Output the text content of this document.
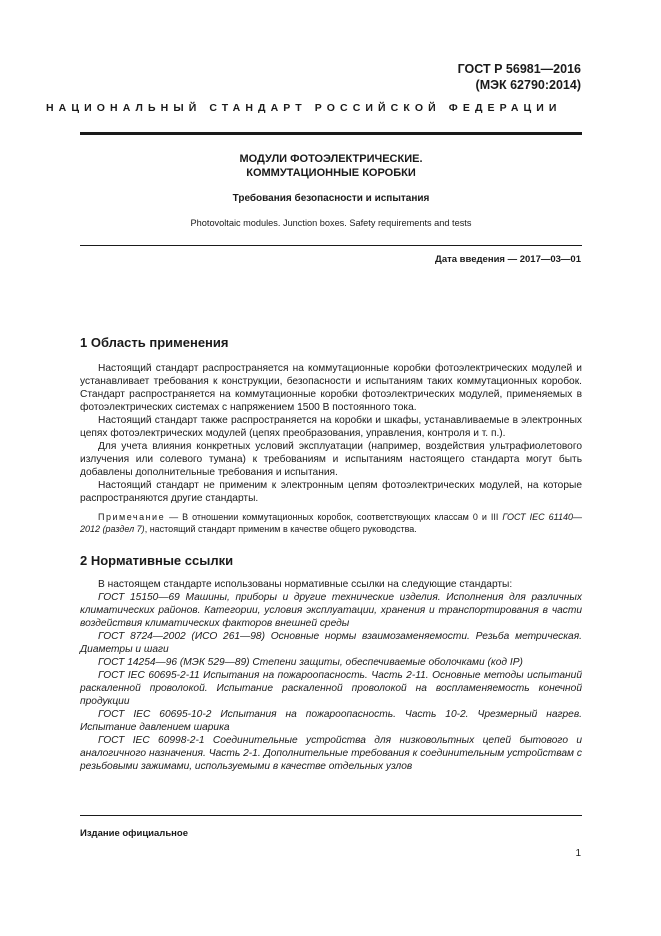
ГОСТ Р 56981—2016
(МЭК 62790:2014)
НАЦИОНАЛЬНЫЙ СТАНДАРТ РОССИЙСКОЙ ФЕДЕРАЦИИ
МОДУЛИ ФОТОЭЛЕКТРИЧЕСКИЕ.
КОММУТАЦИОННЫЕ КОРОБКИ
Требования безопасности и испытания
Photovoltaic modules. Junction boxes. Safety requirements and tests
Дата введения — 2017—03—01
1 Область применения

Настоящий стандарт распространяется на коммутационные коробки фотоэлектрических модулей и устанавливает требования к конструкции, безопасности и испытаниям таких коммутационных коробок. Стандарт распространяется на коммутационные коробки фотоэлектрических модулей, применяемых в фотоэлектрических системах с напряжением 1500 В постоянного тока.

Настоящий стандарт также распространяется на коробки и шкафы, устанавливаемые в электронных цепях фотоэлектрических модулей (цепях преобразования, управления, контроля и т. п.).

Для учета влияния конкретных условий эксплуатации (например, воздействия ультрафиолетового излучения или солевого тумана) к требованиям и испытаниям настоящего стандарта могут быть добавлены дополнительные требования и испытания.

Настоящий стандарт не применим к электронным цепям фотоэлектрических модулей, на которые распространяются другие стандарты.

Примечание — В отношении коммутационных коробок, соответствующих классам 0 и III ГОСТ IEC 61140—2012 (раздел 7), настоящий стандарт применим в качестве общего руководства.
2 Нормативные ссылки

В настоящем стандарте использованы нормативные ссылки на следующие стандарты:

ГОСТ 15150—69 Машины, приборы и другие технические изделия. Исполнения для различных климатических районов. Категории, условия эксплуатации, хранения и транспортирования в части воздействия климатических факторов внешней среды

ГОСТ 8724—2002 (ИСО 261—98) Основные нормы взаимозаменяемости. Резьба метрическая. Диаметры и шаги

ГОСТ 14254—96 (МЭК 529—89) Степени защиты, обеспечиваемые оболочками (код IP)

ГОСТ IEC 60695-2-11 Испытания на пожароопасность. Часть 2-11. Основные методы испытаний раскаленной проволокой. Испытание раскаленной проволокой на воспламеняемость конечной продукции

ГОСТ IEC 60695-10-2 Испытания на пожароопасность. Часть 10-2. Чрезмерный нагрев. Испытание давлением шарика

ГОСТ IEC 60998-2-1 Соединительные устройства для низковольтных цепей бытового и аналогичного назначения. Часть 2-1. Дополнительные требования к соединительным устройствам с резьбовыми зажимами, используемыми в качестве отдельных узлов

Издание официальное
1
